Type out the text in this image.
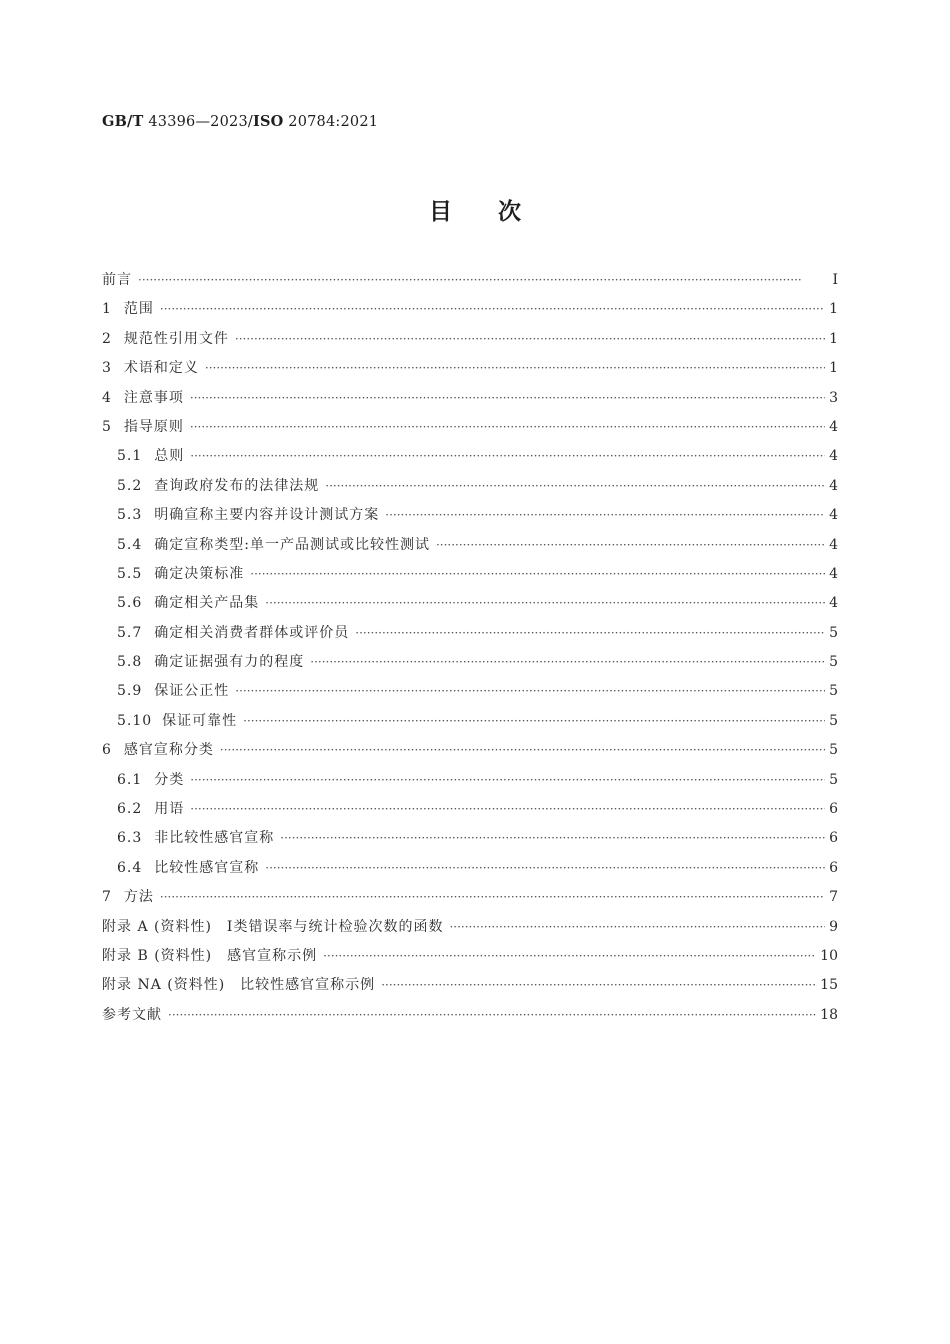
GB/T 43396—2023/ISO 20784:2021
目次
前言 ·····	Ⅰ
1 范围 ·····	1
2 规范性引用文件 ·····	1
3 术语和定义 ·····	1
4 注意事项 ·····	3
5 指导原则 ·····	4
5.1 总则 ·····	4
5.2 查询政府发布的法律法规 ·····	4
5.3 明确宣称主要内容并设计测试方案 ·····	4
5.4 确定宣称类型:单一产品测试或比较性测试 ·····	4
5.5 确定决策标准 ·····	4
5.6 确定相关产品集 ·····	4
5.7 确定相关消费者群体或评价员 ·····	5
5.8 确定证据强有力的程度 ·····	5
5.9 保证公正性 ·····	5
5.10 保证可靠性 ·····	5
6 感官宣称分类 ·····	5
6.1 分类 ·····	5
6.2 用语 ·····	6
6.3 非比较性感官宣称 ·····	6
6.4 比较性感官宣称 ·····	6
7 方法 ·····	7
附录 A (资料性)　Ⅰ类错误率与统计检验次数的函数 ·····	9
附录 B (资料性)　感官宣称示例 ·····	10
附录 NA (资料性)　比较性感官宣称示例 ·····	15
参考文献 ·····	18
